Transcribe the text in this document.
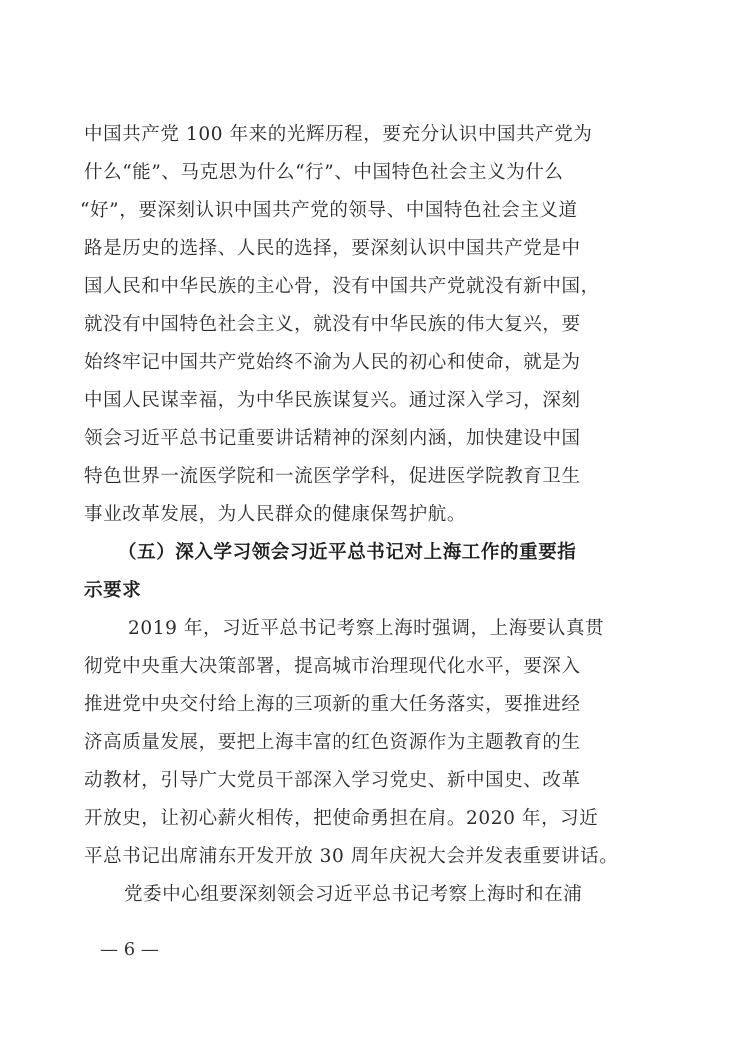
中国共产党 100 年来的光辉历程，要充分认识中国共产党为
什么“能”、马克思为什么“行”、中国特色社会主义为什么
“好”，要深刻认识中国共产党的领导、中国特色社会主义道
路是历史的选择、人民的选择，要深刻认识中国共产党是中
国人民和中华民族的主心骨，没有中国共产党就没有新中国，
就没有中国特色社会主义，就没有中华民族的伟大复兴，要
始终牢记中国共产党始终不渝为人民的初心和使命，就是为
中国人民谋幸福，为中华民族谋复兴。通过深入学习，深刻
领会习近平总书记重要讲话精神的深刻内涵，加快建设中国
特色世界一流医学院和一流医学学科，促进医学院教育卫生
事业改革发展，为人民群众的健康保驾护航。
（五）深入学习领会习近平总书记对上海工作的重要指
示要求
2019 年，习近平总书记考察上海时强调，上海要认真贯
彻党中央重大决策部署，提高城市治理现代化水平，要深入
推进党中央交付给上海的三项新的重大任务落实，要推进经
济高质量发展，要把上海丰富的红色资源作为主题教育的生
动教材，引导广大党员干部深入学习党史、新中国史、改革
开放史，让初心薪火相传，把使命勇担在肩。2020 年，习近
平总书记出席浦东开发开放 30 周年庆祝大会并发表重要讲话。
党委中心组要深刻领会习近平总书记考察上海时和在浦
— 6 —
